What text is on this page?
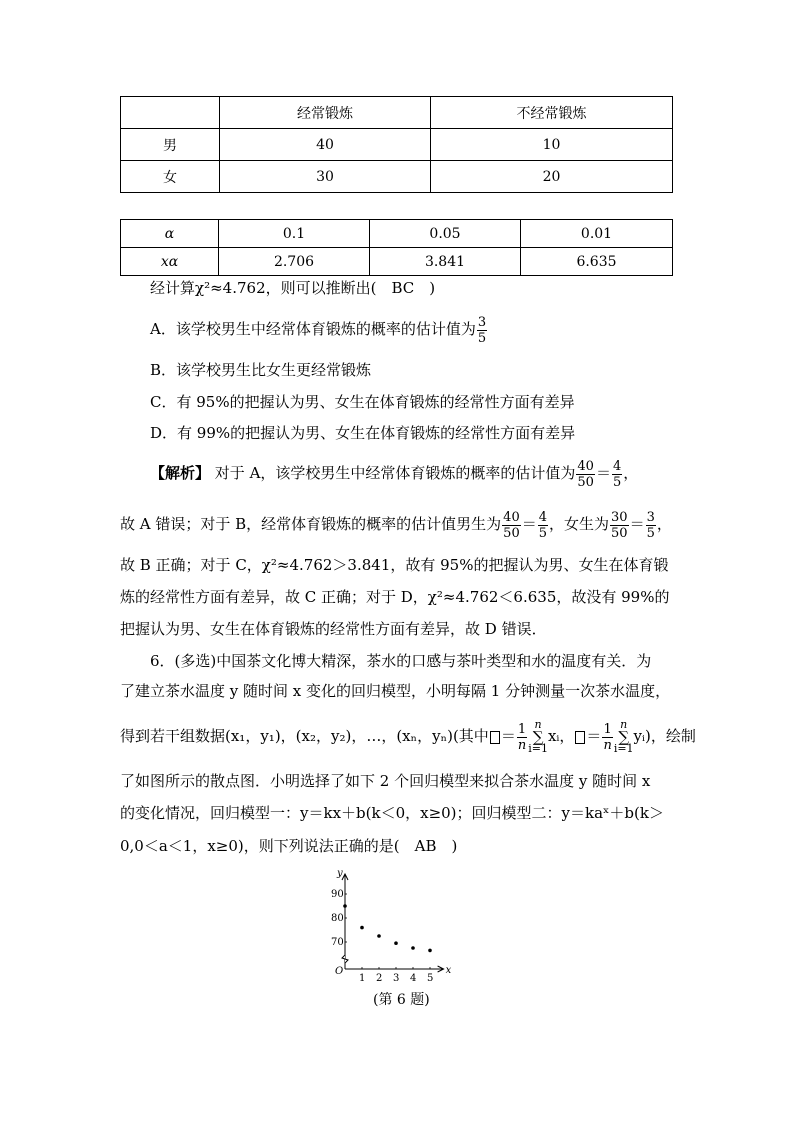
	经常锻炼	不经常锻炼
男	40	10
女	30	20
α	0.1	0.05	0.01
xα	2.706	3.841	6.635
经计算χ²≈4.762，则可以推断出(　BC　)
A．该学校男生中经常体育锻炼的概率的估计值为 $\frac{3}{5}$
B．该学校男生比女生更经常锻炼
C．有 95%的把握认为男、女生在体育锻炼的经常性方面有差异
D．有 99%的把握认为男、女生在体育锻炼的经常性方面有差异
【解析】 对于 A，该学校男生中经常体育锻炼的概率的估计值为 $\frac{40}{50} = \frac{4}{5}$ ，
故 A 错误；对于 B，经常体育锻炼的概率的估计值男生为 $\frac{40}{50} = \frac{4}{5}$ ，女生为 $\frac{30}{50} = \frac{3}{5}$ ，
故 B 正确；对于 C，χ²≈4.762＞3.841，故有 95%的把握认为男、女生在体育锻
炼的经常性方面有差异，故 C 正确；对于 D，χ²≈4.762＜6.635，故没有 99%的
把握认为男、女生在体育锻炼的经常性方面有差异，故 D 错误．
6．(多选)中国茶文化博大精深，茶水的口感与茶叶类型和水的温度有关．为
了建立茶水温度 y 随时间 x 变化的回归模型，小明每隔 1 分钟测量一次茶水温度，
得到若干组数据(x₁，y₁)，(x₂，y₂)，…，(xₙ，yₙ)(其中 ＝ $\frac{1}{n}$ n
∑
i=1
xᵢ， ＝ $\frac{1}{n}$ n
∑
i=1
yᵢ)，绘制
了如图所示的散点图．小明选择了如下 2 个回归模型来拟合茶水温度 y 随时间 x
的变化情况，回归模型一：y＝kx＋b(k＜0，x≥0)；回归模型二：y＝kaˣ＋b(k＞
0,0＜a＜1，x≥0)，则下列说法正确的是(　AB　)
y
x
O
1 2 3 4 5
70
80
90
(第 6 题)
